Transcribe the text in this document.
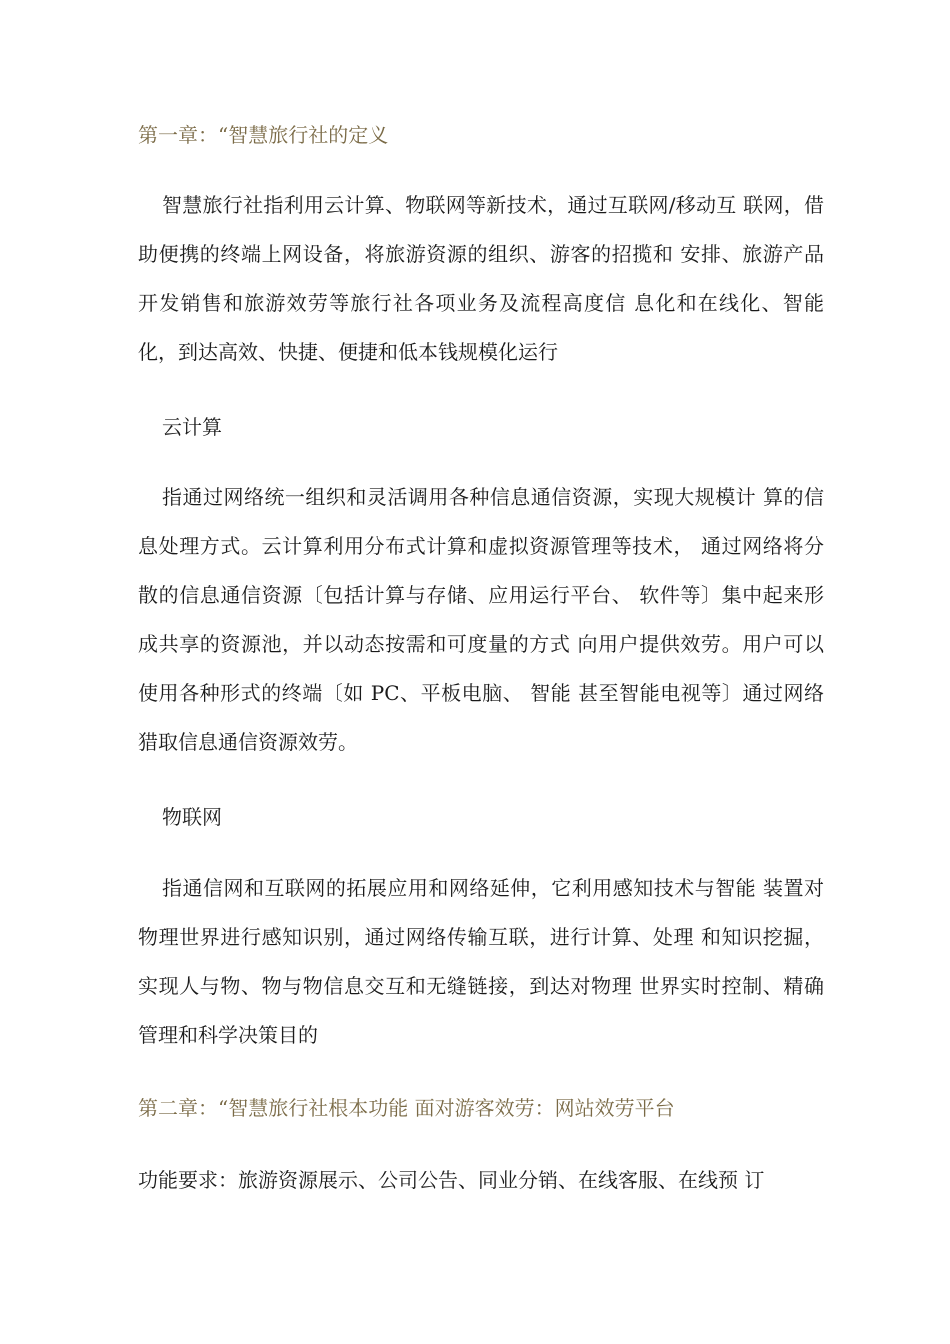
第一章：“智慧旅行社的定义

智慧旅行社指利用云计算、物联网等新技术，通过互联网/移动互 联网，借助便携的终端上网设备，将旅游资源的组织、游客的招揽和 安排、旅游产品开发销售和旅游效劳等旅行社各项业务及流程高度信 息化和在线化、智能化，到达高效、快捷、便捷和低本钱规模化运行

云计算

指通过网络统一组织和灵活调用各种信息通信资源，实现大规模计 算的信息处理方式。云计算利用分布式计算和虚拟资源管理等技术， 通过网络将分散的信息通信资源〔包括计算与存储、应用运行平台、 软件等〕集中起来形成共享的资源池，并以动态按需和可度量的方式 向用户提供效劳。用户可以使用各种形式的终端〔如 PC、平板电脑、 智能 甚至智能电视等〕通过网络猎取信息通信资源效劳。

物联网

指通信网和互联网的拓展应用和网络延伸，它利用感知技术与智能 装置对物理世界进行感知识别，通过网络传输互联，进行计算、处理 和知识挖掘，实现人与物、物与物信息交互和无缝链接，到达对物理 世界实时控制、精确管理和科学决策目的

第二章：“智慧旅行社根本功能 面对游客效劳：网站效劳平台

功能要求：旅游资源展示、公司公告、同业分销、在线客服、在线预 订
